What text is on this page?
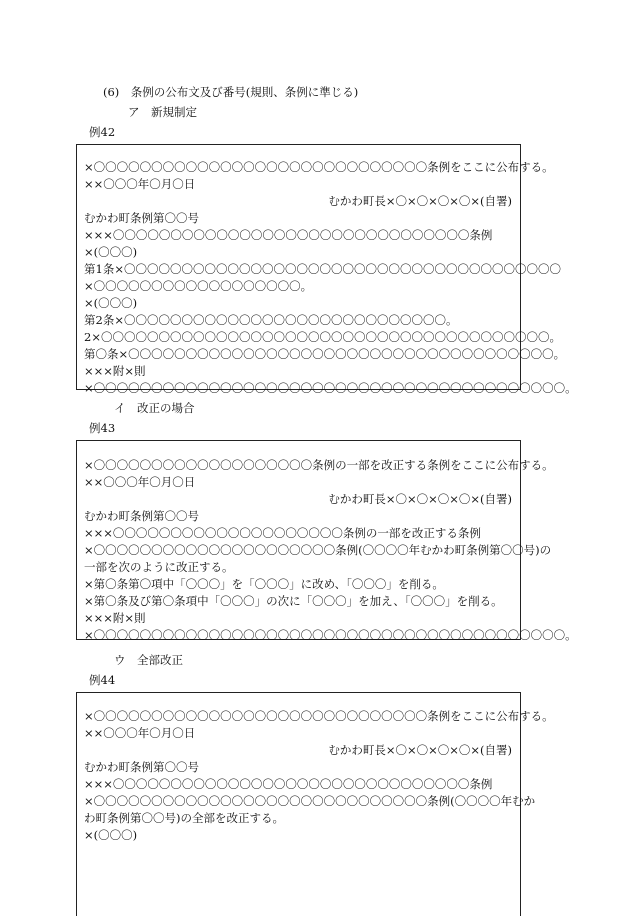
(6)　条例の公布文及び番号(規則、条例に準じる)
ア　新規制定
例42
×〇〇〇〇〇〇〇〇〇〇〇〇〇〇〇〇〇〇〇〇〇〇〇〇〇〇〇〇〇条例をここに公布する。
××〇〇〇年〇月〇日
むかわ町長×〇×〇×〇×〇×(自署)
むかわ町条例第〇〇号
×××〇〇〇〇〇〇〇〇〇〇〇〇〇〇〇〇〇〇〇〇〇〇〇〇〇〇〇〇〇〇〇条例
×(〇〇〇)
第1条×〇〇〇〇〇〇〇〇〇〇〇〇〇〇〇〇〇〇〇〇〇〇〇〇〇〇〇〇〇〇〇〇〇〇〇〇〇〇
×〇〇〇〇〇〇〇〇〇〇〇〇〇〇〇〇〇〇。
×(〇〇〇)
第2条×〇〇〇〇〇〇〇〇〇〇〇〇〇〇〇〇〇〇〇〇〇〇〇〇〇〇〇〇。
2×〇〇〇〇〇〇〇〇〇〇〇〇〇〇〇〇〇〇〇〇〇〇〇〇〇〇〇〇〇〇〇〇〇〇〇〇〇〇〇。
第〇条×〇〇〇〇〇〇〇〇〇〇〇〇〇〇〇〇〇〇〇〇〇〇〇〇〇〇〇〇〇〇〇〇〇〇〇〇〇。
×××附×則
×〇〇〇〇〇〇〇〇〇〇〇〇〇〇〇〇〇〇〇〇〇〇〇〇〇〇〇〇〇〇〇〇〇〇〇〇〇〇〇〇〇。
イ　改正の場合
例43
×〇〇〇〇〇〇〇〇〇〇〇〇〇〇〇〇〇〇〇条例の一部を改正する条例をここに公布する。
××〇〇〇年〇月〇日
むかわ町長×〇×〇×〇×〇×(自署)
むかわ町条例第〇〇号
×××〇〇〇〇〇〇〇〇〇〇〇〇〇〇〇〇〇〇〇〇条例の一部を改正する条例
×〇〇〇〇〇〇〇〇〇〇〇〇〇〇〇〇〇〇〇〇〇条例(〇〇〇〇年むかわ町条例第〇〇号)の
一部を次のように改正する。
×第〇条第〇項中「〇〇〇」を「〇〇〇」に改め、「〇〇〇」を削る。
×第〇条及び第〇条項中「〇〇〇」の次に「〇〇〇」を加え、「〇〇〇」を削る。
×××附×則
×〇〇〇〇〇〇〇〇〇〇〇〇〇〇〇〇〇〇〇〇〇〇〇〇〇〇〇〇〇〇〇〇〇〇〇〇〇〇〇〇〇。
ウ　全部改正
例44
×〇〇〇〇〇〇〇〇〇〇〇〇〇〇〇〇〇〇〇〇〇〇〇〇〇〇〇〇〇条例をここに公布する。
××〇〇〇年〇月〇日
むかわ町長×〇×〇×〇×〇×(自署)
むかわ町条例第〇〇号
×××〇〇〇〇〇〇〇〇〇〇〇〇〇〇〇〇〇〇〇〇〇〇〇〇〇〇〇〇〇〇〇条例
×〇〇〇〇〇〇〇〇〇〇〇〇〇〇〇〇〇〇〇〇〇〇〇〇〇〇〇〇〇条例(〇〇〇〇年むか
わ町条例第〇〇号)の全部を改正する。
×(〇〇〇)
